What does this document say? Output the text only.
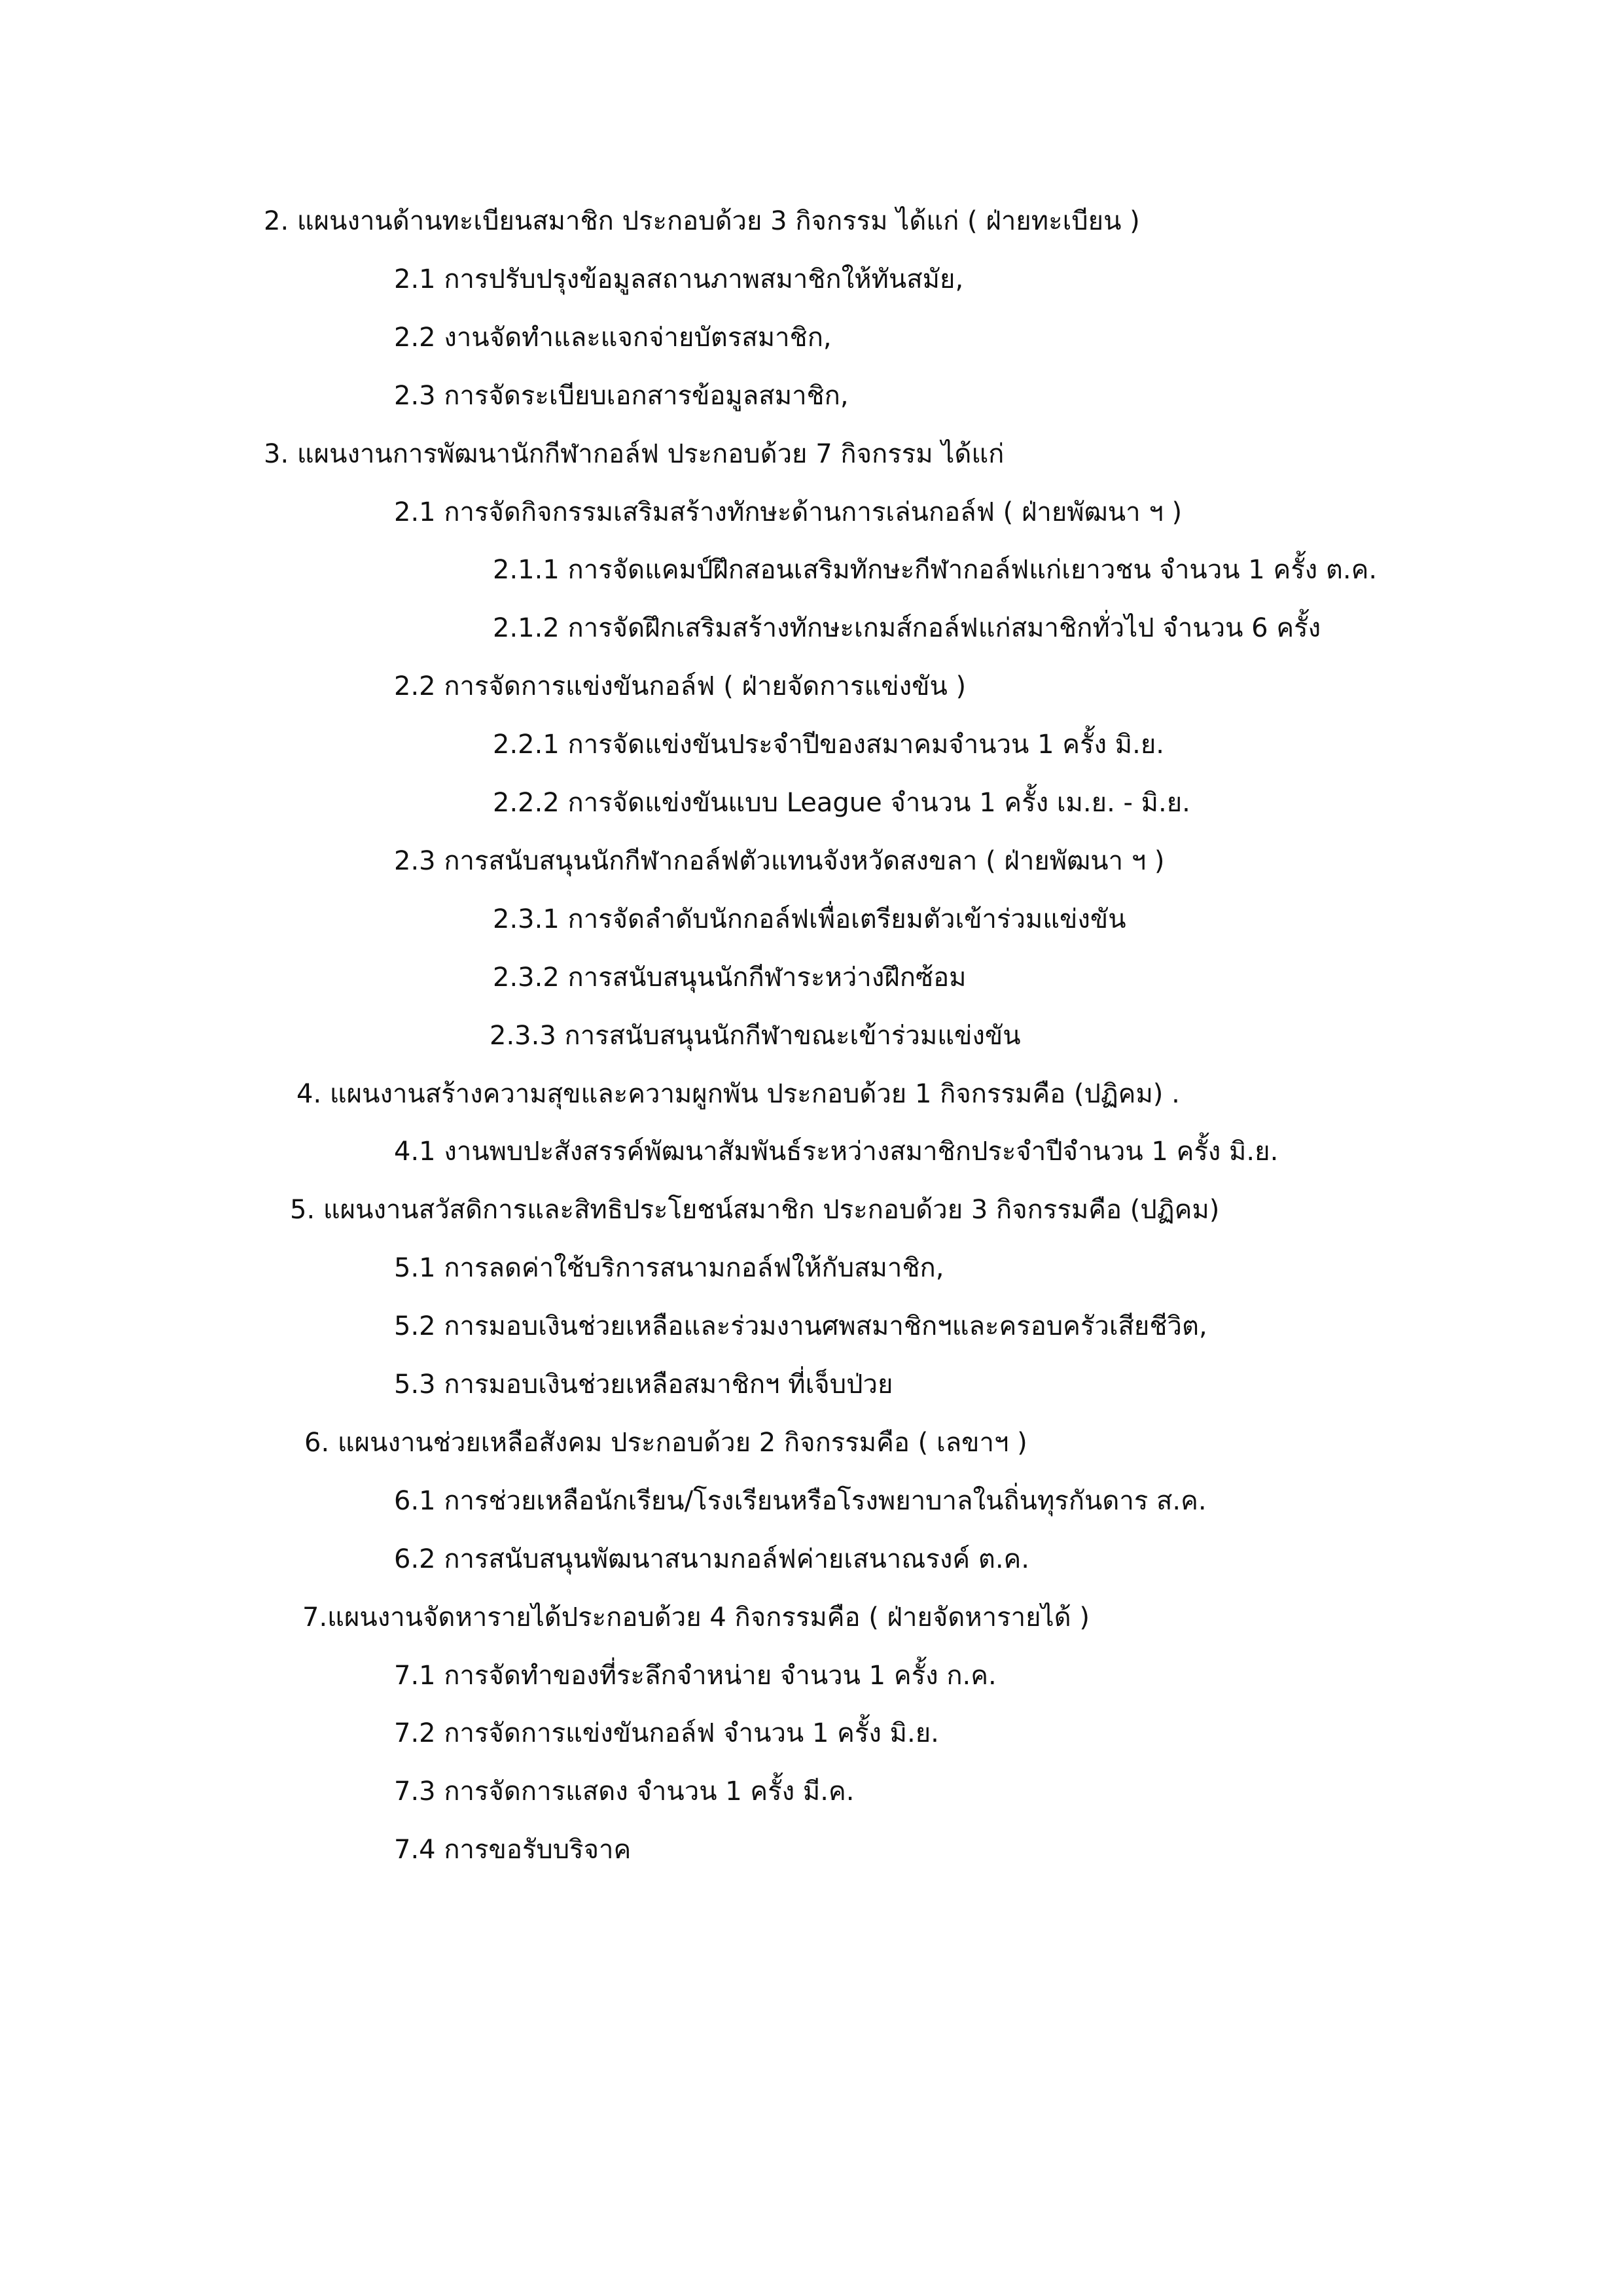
2. แผนงานด้านทะเบียนสมาชิก ประกอบด้วย 3 กิจกรรม ได้แก่ ( ฝ่ายทะเบียน )
2.1 การปรับปรุงข้อมูลสถานภาพสมาชิกให้ทันสมัย,
2.2 งานจัดทำและแจกจ่ายบัตรสมาชิก,
2.3 การจัดระเบียบเอกสารข้อมูลสมาชิก,
3. แผนงานการพัฒนานักกีฬากอล์ฟ ประกอบด้วย 7 กิจกรรม ได้แก่
2.1 การจัดกิจกรรมเสริมสร้างทักษะด้านการเล่นกอล์ฟ ( ฝ่ายพัฒนา ฯ )
2.1.1 การจัดแคมป์ฝึกสอนเสริมทักษะกีฬากอล์ฟแก่เยาวชน จำนวน 1 ครั้ง ต.ค.
2.1.2 การจัดฝึกเสริมสร้างทักษะเกมส์กอล์ฟแก่สมาชิกทั่วไป จำนวน 6 ครั้ง
2.2 การจัดการแข่งขันกอล์ฟ ( ฝ่ายจัดการแข่งขัน )
2.2.1 การจัดแข่งขันประจำปีของสมาคมจำนวน 1 ครั้ง มิ.ย.
2.2.2 การจัดแข่งขันแบบ League จำนวน 1 ครั้ง เม.ย. - มิ.ย.
2.3 การสนับสนุนนักกีฬากอล์ฟตัวแทนจังหวัดสงขลา ( ฝ่ายพัฒนา ฯ )
2.3.1 การจัดลำดับนักกอล์ฟเพื่อเตรียมตัวเข้าร่วมแข่งขัน
2.3.2 การสนับสนุนนักกีฬาระหว่างฝึกซ้อม
2.3.3 การสนับสนุนนักกีฬาขณะเข้าร่วมแข่งขัน
4. แผนงานสร้างความสุขและความผูกพัน ประกอบด้วย 1 กิจกรรมคือ (ปฏิคม) .
4.1 งานพบปะสังสรรค์พัฒนาสัมพันธ์ระหว่างสมาชิกประจำปีจำนวน 1 ครั้ง มิ.ย.
5. แผนงานสวัสดิการและสิทธิประโยชน์สมาชิก ประกอบด้วย 3 กิจกรรมคือ (ปฏิคม)
5.1 การลดค่าใช้บริการสนามกอล์ฟให้กับสมาชิก,
5.2 การมอบเงินช่วยเหลือและร่วมงานศพสมาชิกฯและครอบครัวเสียชีวิต,
5.3 การมอบเงินช่วยเหลือสมาชิกฯ ที่เจ็บป่วย
6. แผนงานช่วยเหลือสังคม ประกอบด้วย 2 กิจกรรมคือ ( เลขาฯ )
6.1 การช่วยเหลือนักเรียน/โรงเรียนหรือโรงพยาบาลในถิ่นทุรกันดาร ส.ค.
6.2 การสนับสนุนพัฒนาสนามกอล์ฟค่ายเสนาณรงค์ ต.ค.
7.แผนงานจัดหารายได้ประกอบด้วย 4 กิจกรรมคือ ( ฝ่ายจัดหารายได้ )
7.1 การจัดทำของที่ระลึกจำหน่าย จำนวน 1 ครั้ง ก.ค.
7.2 การจัดการแข่งขันกอล์ฟ จำนวน 1 ครั้ง มิ.ย.
7.3 การจัดการแสดง จำนวน 1 ครั้ง มี.ค.
7.4 การขอรับบริจาค
